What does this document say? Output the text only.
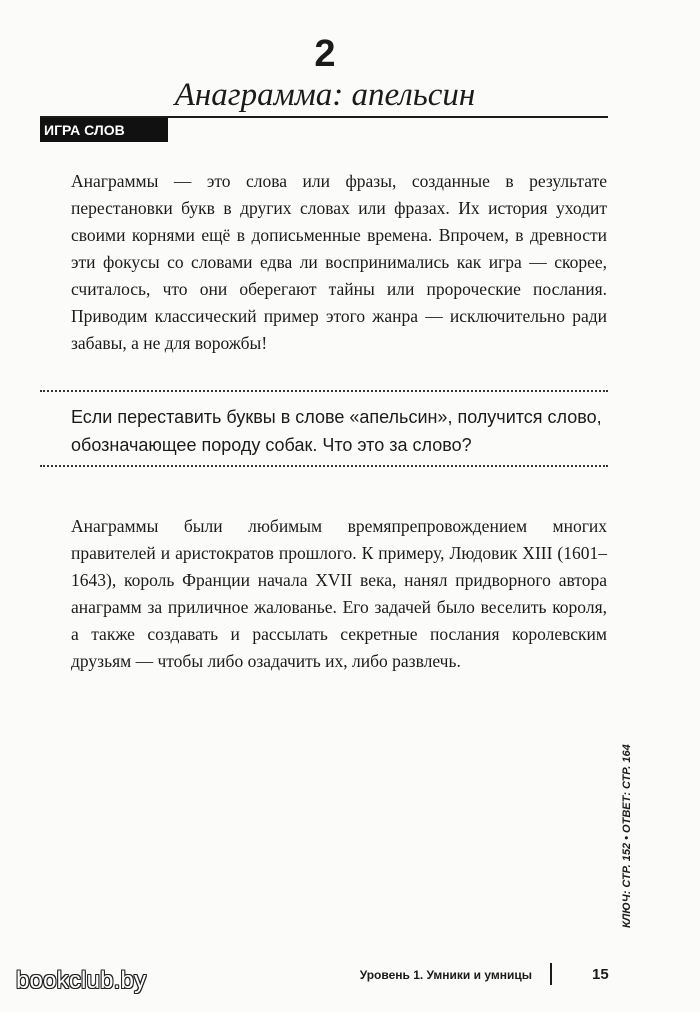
2
Анаграмма: апельсин
ИГРА СЛОВ

Анаграммы — это слова или фразы, созданные в результате перестановки букв в других словах или фразах. Их история уходит своими корнями ещё в дописьменные времена. Впрочем, в древности эти фокусы со словами едва ли воспринимались как игра — скорее, считалось, что они оберегают тайны или пророческие послания. Приводим классический пример этого жанра — исключительно ради забавы, а не для ворожбы!

Если переставить буквы в слове «апельсин», получится слово, обозначающее породу собак. Что это за слово?

Анаграммы были любимым времяпрепровождением многих правителей и аристократов прошлого. К примеру, Людовик XIII (1601–1643), король Франции начала XVII века, нанял придворного автора анаграмм за приличное жалованье. Его задачей было веселить короля, а также создавать и рассылать секретные послания королевским друзьям — чтобы либо озадачить их, либо развлечь.

КЛЮЧ: СТР. 152 • ОТВЕТ: СТР. 164
Уровень 1. Умники и умницы	15
bookclub.by
